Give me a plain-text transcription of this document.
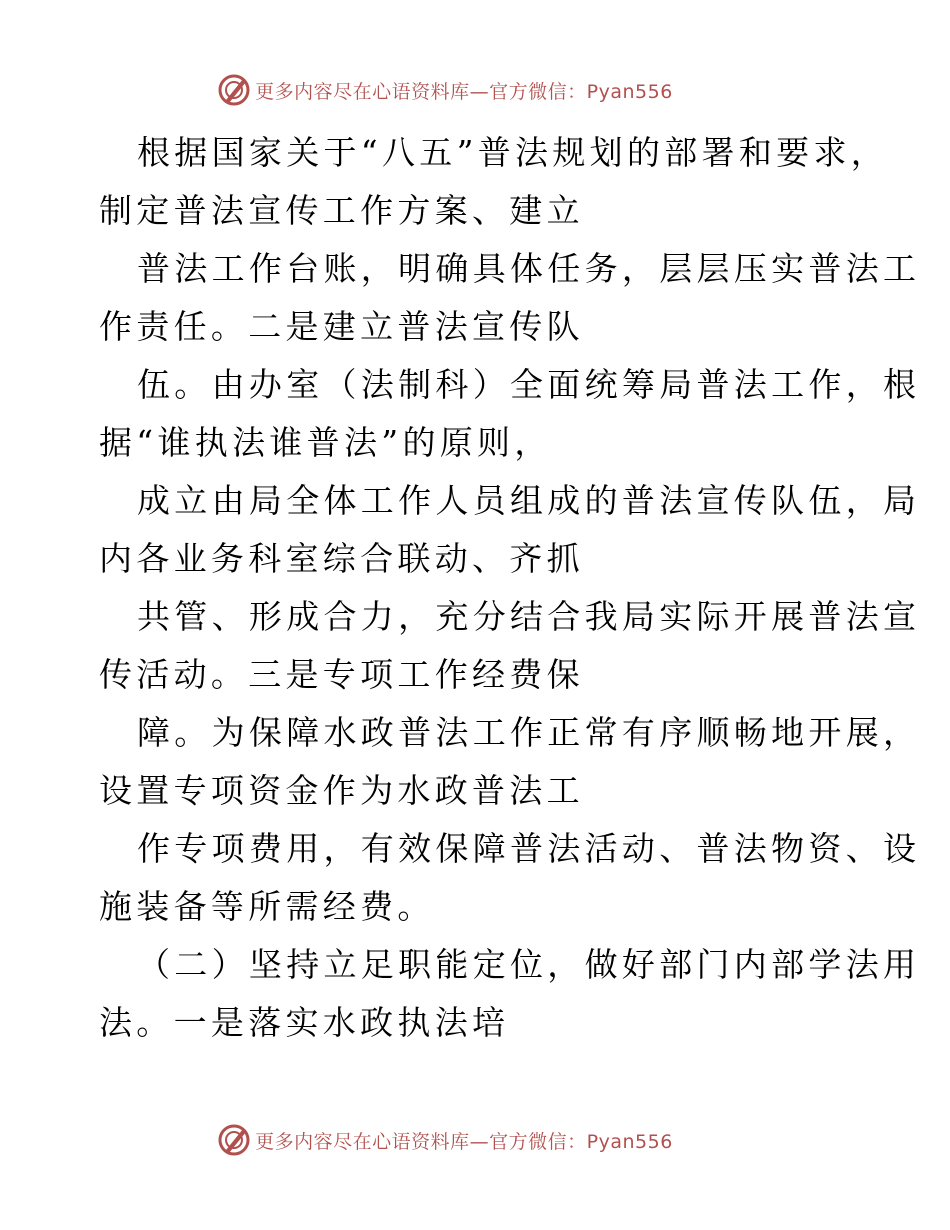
更多内容尽在心语资料库—官方微信：Pyan556
根据国家关于“八五”普法规划的部署和要求，
制定普法宣传工作方案、建立
普法工作台账，明确具体任务，层层压实普法工
作责任。二是建立普法宣传队
伍。由办室（法制科）全面统筹局普法工作，根
据“谁执法谁普法”的原则，
成立由局全体工作人员组成的普法宣传队伍，局
内各业务科室综合联动、齐抓
共管、形成合力，充分结合我局实际开展普法宣
传活动。三是专项工作经费保
障。为保障水政普法工作正常有序顺畅地开展，
设置专项资金作为水政普法工
作专项费用，有效保障普法活动、普法物资、设
施装备等所需经费。
（二）坚持立足职能定位，做好部门内部学法用
法。一是落实水政执法培
更多内容尽在心语资料库—官方微信：Pyan556
